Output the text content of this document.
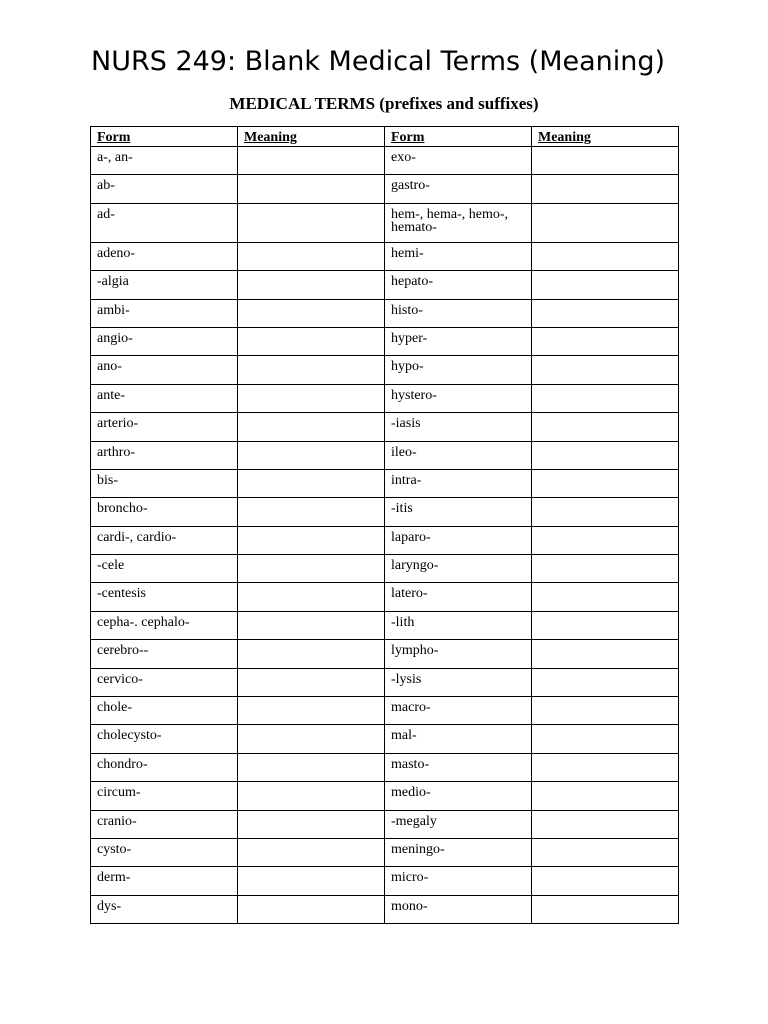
NURS 249: Blank Medical Terms (Meaning)
MEDICAL TERMS (prefixes and suffixes)
Form	Meaning	Form	Meaning
a-, an-		exo-	
ab-		gastro-	
ad-		hem-, hema-, hemo-, hemato-	
adeno-		hemi-	
-algia		hepato-	
ambi-		histo-	
angio-		hyper-	
ano-		hypo-	
ante-		hystero-	
arterio-		-iasis	
arthro-		ileo-	
bis-		intra-	
broncho-		-itis	
cardi-, cardio-		laparo-	
-cele		laryngo-	
-centesis		latero-	
cepha-. cephalo-		-lith	
cerebro--		lympho-	
cervico-		-lysis	
chole-		macro-	
cholecysto-		mal-	
chondro-		masto-	
circum-		medio-	
cranio-		-megaly	
cysto-		meningo-	
derm-		micro-	
dys-		mono-	
